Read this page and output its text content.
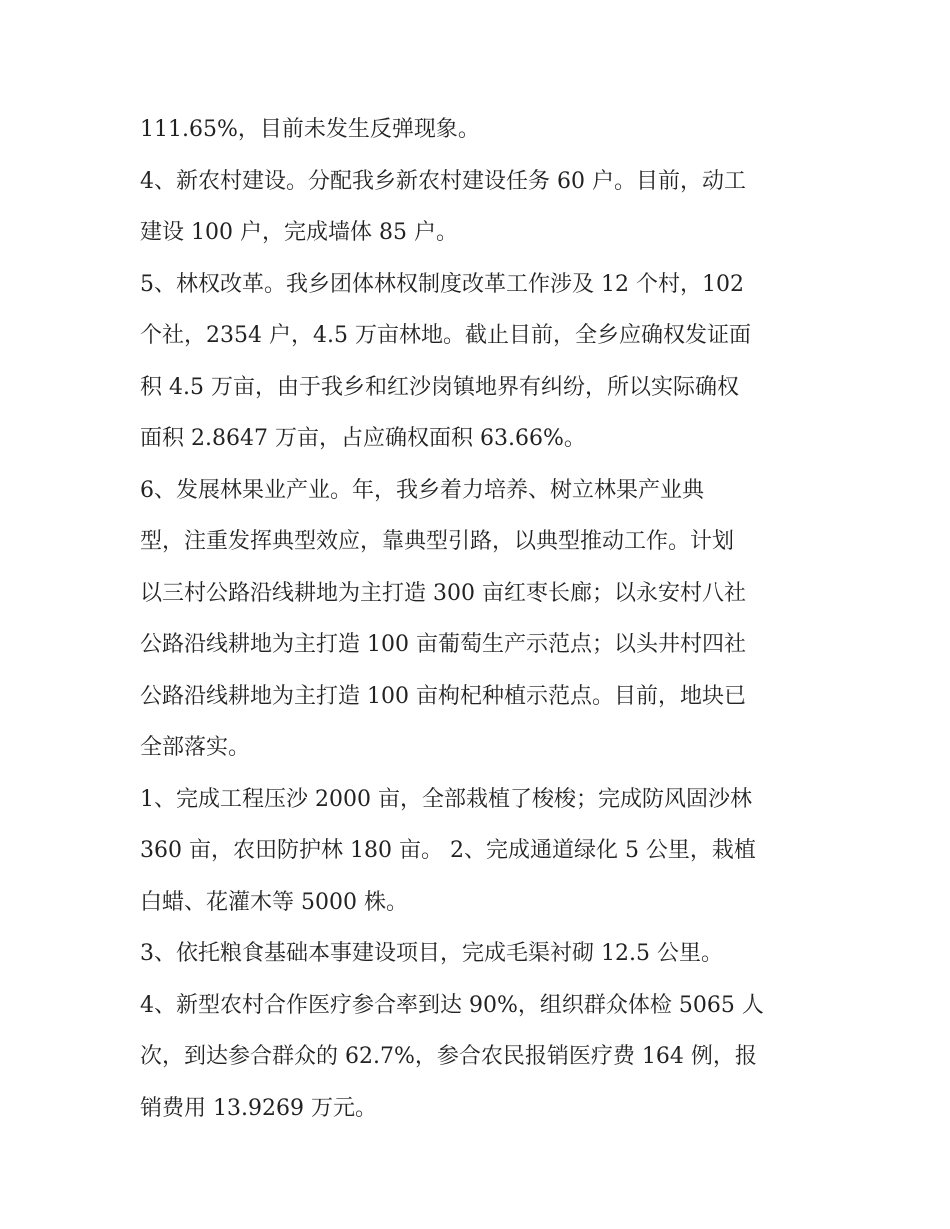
111.65%，目前未发生反弹现象。
4、新农村建设。分配我乡新农村建设任务 60 户。目前，动工
建设 100 户，完成墙体 85 户。
5、林权改革。我乡团体林权制度改革工作涉及 12 个村，102
个社，2354 户，4.5 万亩林地。截止目前，全乡应确权发证面
积 4.5 万亩，由于我乡和红沙岗镇地界有纠纷，所以实际确权
面积 2.8647 万亩，占应确权面积 63.66%。
6、发展林果业产业。年，我乡着力培养、树立林果产业典
型，注重发挥典型效应，靠典型引路，以典型推动工作。计划
以三村公路沿线耕地为主打造 300 亩红枣长廊；以永安村八社
公路沿线耕地为主打造 100 亩葡萄生产示范点；以头井村四社
公路沿线耕地为主打造 100 亩枸杞种植示范点。目前，地块已
全部落实。
1、完成工程压沙 2000 亩，全部栽植了梭梭；完成防风固沙林
360 亩，农田防护林 180 亩。 2、完成通道绿化 5 公里，栽植
白蜡、花灌木等 5000 株。
3、依托粮食基础本事建设项目，完成毛渠衬砌 12.5 公里。
4、新型农村合作医疗参合率到达 90%，组织群众体检 5065 人
次，到达参合群众的 62.7%，参合农民报销医疗费 164 例，报
销费用 13.9269 万元。
